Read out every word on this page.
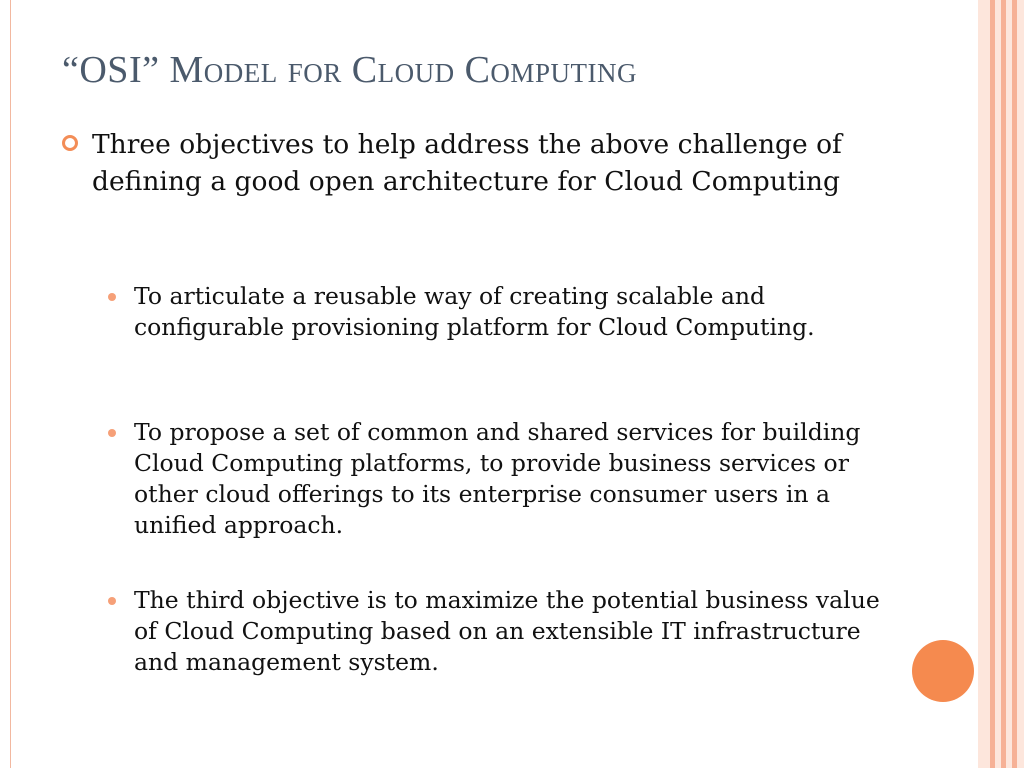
“OSI” Model for Cloud Computing
Three objectives to help address the above challenge of defining a good open architecture for Cloud Computing
To articulate a reusable way of creating scalable and configurable provisioning platform for Cloud Computing.
To propose a set of common and shared services for building Cloud Computing platforms, to provide business services or other cloud offerings to its enterprise consumer users in a unified approach.
The third objective is to maximize the potential business value of Cloud Computing based on an extensible IT infrastructure and management system.
